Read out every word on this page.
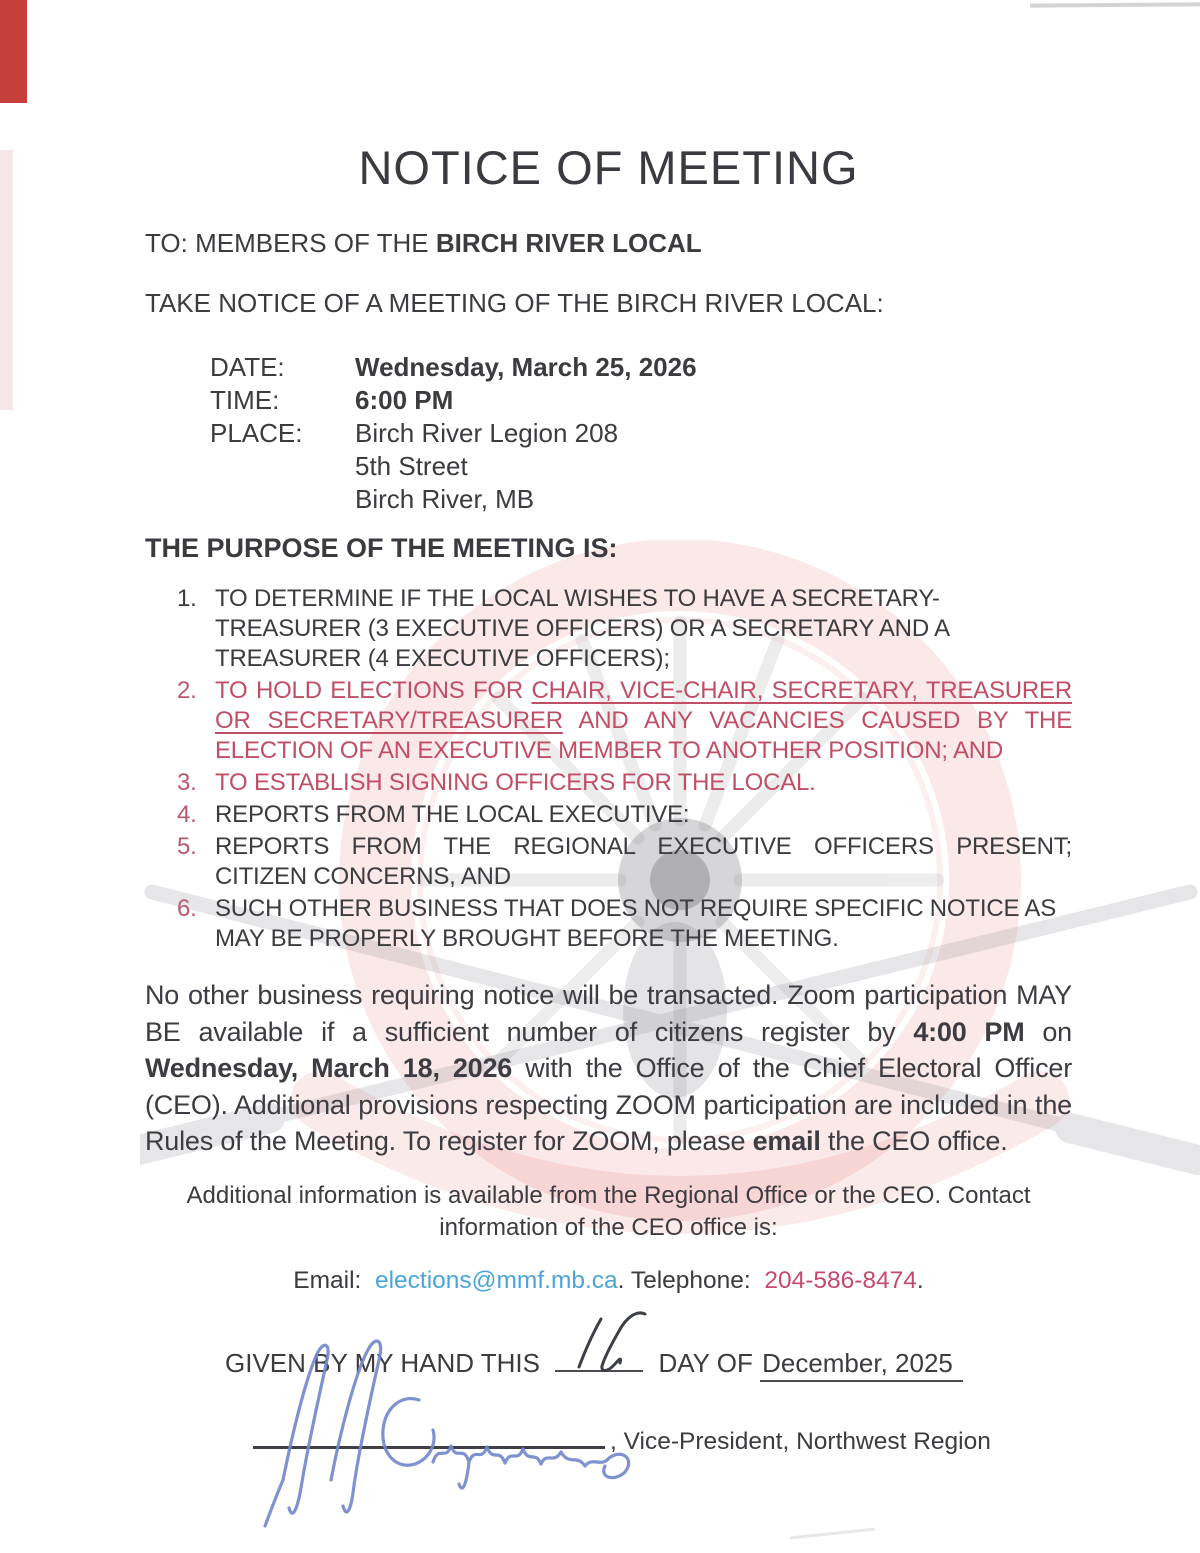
NOTICE OF MEETING
TO: MEMBERS OF THE BIRCH RIVER LOCAL
TAKE NOTICE OF A MEETING OF THE BIRCH RIVER LOCAL:
DATE:	Wednesday, March 25, 2026
TIME:	6:00 PM
PLACE:	Birch River Legion 208
5th Street
Birch River, MB
THE PURPOSE OF THE MEETING IS:
1. TO DETERMINE IF THE LOCAL WISHES TO HAVE A SECRETARY- TREASURER (3 EXECUTIVE OFFICERS) OR A SECRETARY AND A TREASURER (4 EXECUTIVE OFFICERS);
2. TO HOLD ELECTIONS FOR CHAIR, VICE-CHAIR, SECRETARY, TREASURER OR SECRETARY/TREASURER AND ANY VACANCIES CAUSED BY THE ELECTION OF AN EXECUTIVE MEMBER TO ANOTHER POSITION; AND
3. TO ESTABLISH SIGNING OFFICERS FOR THE LOCAL.
4. REPORTS FROM THE LOCAL EXECUTIVE:
5. REPORTS FROM THE REGIONAL EXECUTIVE OFFICERS PRESENT; CITIZEN CONCERNS, AND
6. SUCH OTHER BUSINESS THAT DOES NOT REQUIRE SPECIFIC NOTICE AS MAY BE PROPERLY BROUGHT BEFORE THE MEETING.
No other business requiring notice will be transacted. Zoom participation MAY BE available if a sufficient number of citizens register by 4:00 PM on Wednesday, March 18, 2026 with the Office of the Chief Electoral Officer (CEO). Additional provisions respecting ZOOM participation are included in the Rules of the Meeting. To register for ZOOM, please email the CEO office.
Additional information is available from the Regional Office or the CEO. Contact information of the CEO office is:
Email:  elections@mmf.mb.ca. Telephone:  204-586-8474.
GIVEN BY MY HAND THIS	DAY OF December, 2025
, Vice-President, Northwest Region
